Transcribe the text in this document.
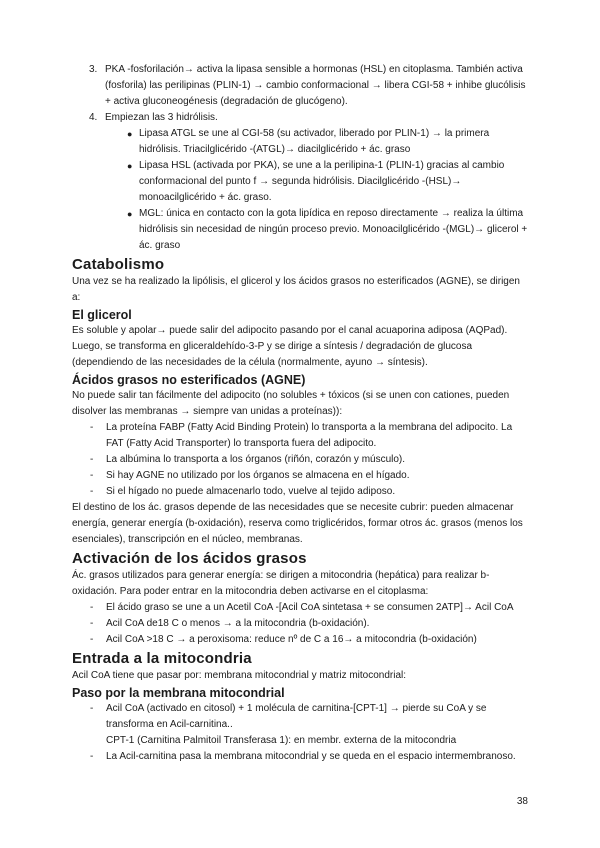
3. PKA -fosforilación→ activa la lipasa sensible a hormonas (HSL) en citoplasma. También activa (fosforila) las perilipinas (PLIN-1) → cambio conformacional → libera CGI-58 + inhibe glucólisis + activa gluconeogénesis (degradación de glucógeno).
4. Empiezan las 3 hidrólisis.
● Lipasa ATGL se une al CGI-58 (su activador, liberado por PLIN-1) → la primera hidrólisis. Triacilglicérido -(ATGL)→ diacilglicérido + ác. graso
● Lipasa HSL (activada por PKA), se une a la perilipina-1 (PLIN-1) gracias al cambio conformacional del punto f → segunda hidrólisis. Diacilglicérido -(HSL)→ monoacilglicérido + ác. graso.
● MGL: única en contacto con la gota lipídica en reposo directamente → realiza la última hidrólisis sin necesidad de ningún proceso previo. Monoacilglicérido -(MGL)→ glicerol + ác. graso
Catabolismo

Una vez se ha realizado la lipólisis, el glicerol y los ácidos grasos no esterificados (AGNE), se dirigen a:

El glicerol

Es soluble y apolar→ puede salir del adipocito pasando por el canal acuaporina adiposa (AQPad). Luego, se transforma en gliceraldehído-3-P y se dirige a síntesis / degradación de glucosa (dependiendo de las necesidades de la célula (normalmente, ayuno → síntesis).

Ácidos grasos no esterificados (AGNE)

No puede salir tan fácilmente del adipocito (no solubles + tóxicos (si se unen con cationes, pueden disolver las membranas → siempre van unidas a proteínas)):

- La proteína FABP (Fatty Acid Binding Protein) lo transporta a la membrana del adipocito. La FAT (Fatty Acid Transporter) lo transporta fuera del adipocito.
- La albúmina lo transporta a los órganos (riñón, corazón y músculo).
- Si hay AGNE no utilizado por los órganos se almacena en el hígado.
- Si el hígado no puede almacenarlo todo, vuelve al tejido adiposo.

El destino de los ác. grasos depende de las necesidades que se necesite cubrir: pueden almacenar energía, generar energía (b-oxidación), reserva como triglicéridos, formar otros ác. grasos (menos los esenciales), transcripción en el núcleo, membranas.

Activación de los ácidos grasos

Ác. grasos utilizados para generar energía: se dirigen a mitocondria (hepática) para realizar b-oxidación. Para poder entrar en la mitocondria deben activarse en el citoplasma:

- El ácido graso se une a un Acetil CoA -[Acil CoA sintetasa + se consumen 2ATP]→ Acil CoA
- Acil CoA de18 C o menos → a la mitocondria (b-oxidación).
- Acil CoA >18 C → a peroxisoma: reduce nº de C a 16→ a mitocondria (b-oxidación)
Entrada a la mitocondria

Acil CoA tiene que pasar por: membrana mitocondrial y matriz mitocondrial:

Paso por la membrana mitocondrial
- Acil CoA (activado en citosol) + 1 molécula de carnitina-[CPT-1] → pierde su CoA y se transforma en Acil-carnitina..
CPT-1 (Carnitina Palmitoil Transferasa 1): en membr. externa de la mitocondria
- La Acil-carnitina pasa la membrana mitocondrial y se queda en el espacio intermembranoso.
38
